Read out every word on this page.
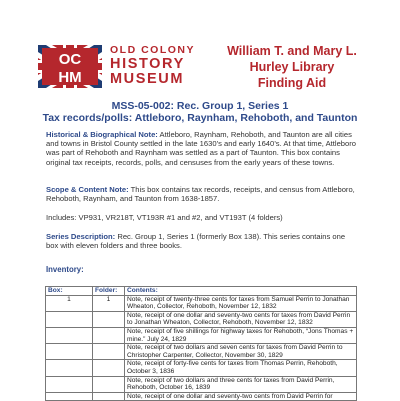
OC
HM
OLD COLONY
HISTORY
MUSEUM
William T. and Mary L.
Hurley Library
Finding Aid
MSS-05-002: Rec. Group 1, Series 1
Tax records/polls: Attleboro, Raynham, Rehoboth, and Taunton
Historical & Biographical Note: Attleboro, Raynham, Rehoboth, and Taunton are all cities and towns in Bristol County settled in the late 1630’s and early 1640’s. At that time, Attleboro was part of Rehoboth and Raynham was settled as a part of Taunton. This box contains original tax receipts, records, polls, and censuses from the early years of these towns.
Scope & Content Note: This box contains tax records, receipts, and census from Attleboro, Rehoboth, Raynham, and Taunton from 1638-1857.
Includes: VP931, VR218T, VT193R #1 and #2, and VT193T (4 folders)
Series Description: Rec. Group 1, Series 1 (formerly Box 138). This series contains one box with eleven folders and three books.
Inventory:
Box:	Folder:	Contents:
1	1	Note, receipt of twenty-three cents for taxes from Samuel Perrin to Jonathan Wheaton, Collector, Rehoboth, November 12, 1832
		Note, receipt of one dollar and seventy-two cents for taxes from David Perrin to Jonathan Wheaton, Collector, Rehoboth, November 12, 1832
		Note, receipt of five shillings for highway taxes for Rehoboth, “Jons Thomas + mine.” July 24, 1829
		Note, receipt of two dollars and seven cents for taxes from David Perrin to Christopher Carpenter, Collector, November 30, 1829
		Note, receipt of forty-five cents for taxes from Thomas Perrin, Rehoboth, October 3, 1836
		Note, receipt of two dollars and three cents for taxes from David Perrin, Rehoboth, October 16, 1839
		Note, receipt of one dollar and seventy-two cents from David Perrin for
